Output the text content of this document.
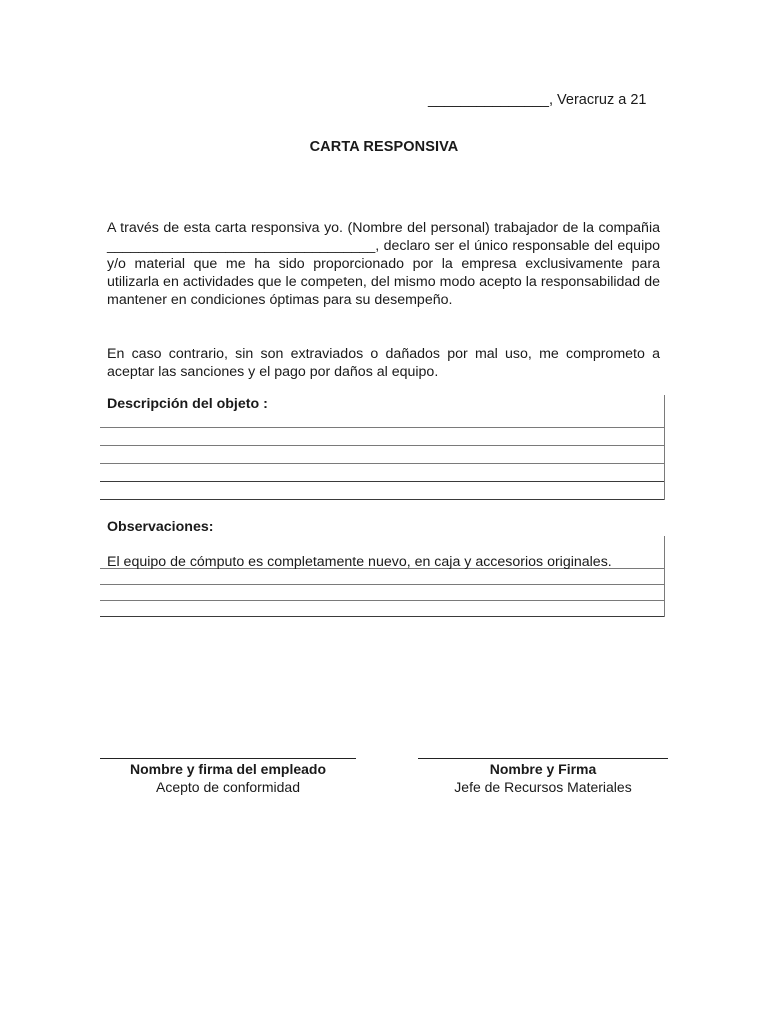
_______________, Veracruz a 21
CARTA RESPONSIVA

A través de esta carta responsiva yo. (Nombre del personal) trabajador de la compañia __________________________________, declaro ser el único responsable del equipo y/o material que me ha sido proporcionado por la empresa exclusivamente para utilizarla en actividades que le competen, del mismo modo acepto la responsabilidad de mantener en condiciones óptimas para su desempeño.

En caso contrario, sin son extraviados o dañados por mal uso, me comprometo a aceptar las sanciones y el pago por daños al equipo.

Descripción del objeto :
Observaciones:
El equipo de cómputo es completamente nuevo, en caja y accesorios originales.
Nombre y firma del empleado
Acepto de conformidad
Nombre y Firma
Jefe de Recursos Materiales
